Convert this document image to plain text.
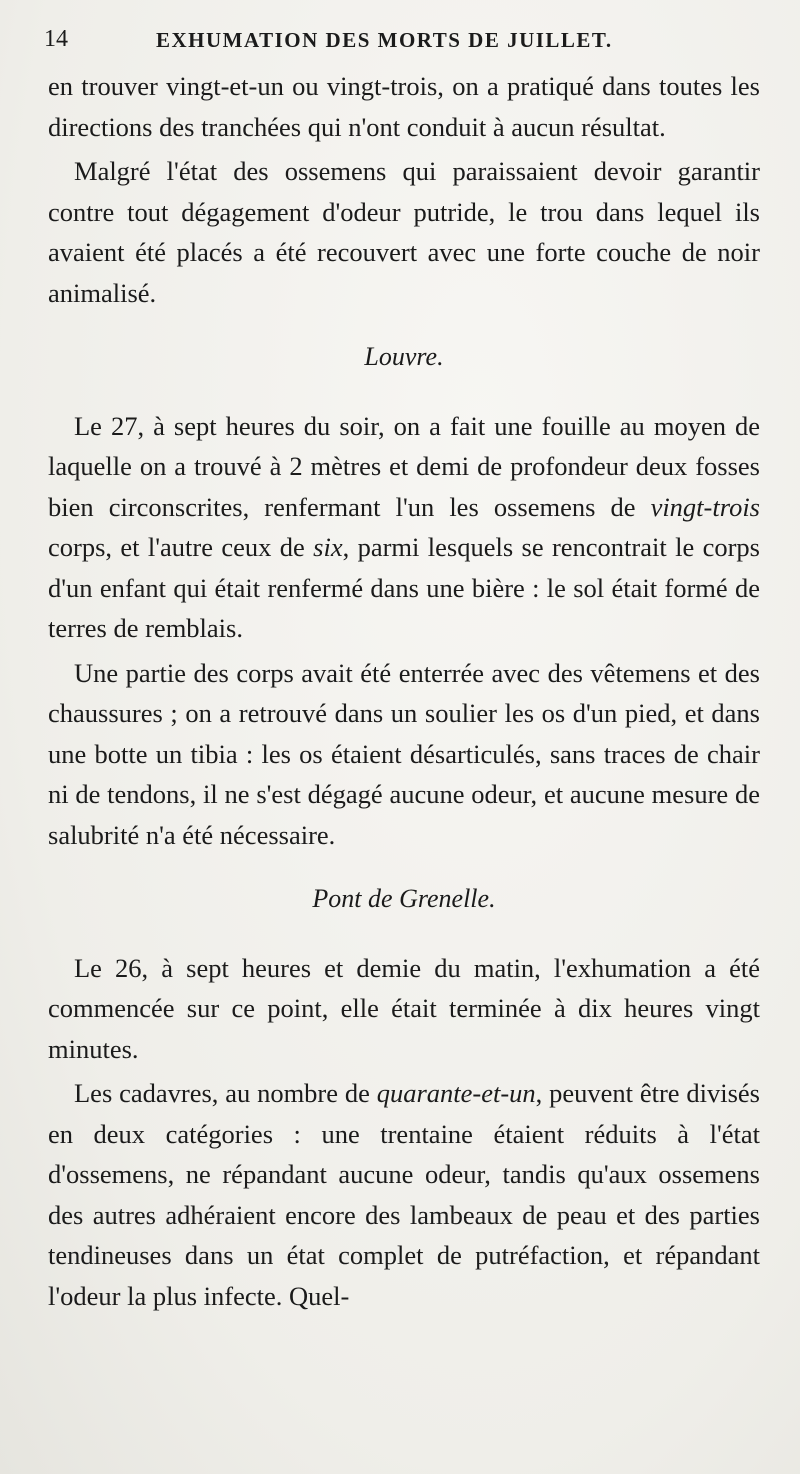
14	EXHUMATION DES MORTS DE JUILLET.

en trouver vingt-et-un ou vingt-trois, on a pratiqué dans toutes les directions des tranchées qui n'ont conduit à aucun résultat.

Malgré l'état des ossemens qui paraissaient devoir garantir contre tout dégagement d'odeur putride, le trou dans lequel ils avaient été placés a été recouvert avec une forte couche de noir animalisé.

Louvre.

Le 27, à sept heures du soir, on a fait une fouille au moyen de laquelle on a trouvé à 2 mètres et demi de profondeur deux fosses bien circonscrites, renfermant l'un les ossemens de vingt-trois corps, et l'autre ceux de six, parmi lesquels se rencontrait le corps d'un enfant qui était renfermé dans une bière : le sol était formé de terres de remblais.

Une partie des corps avait été enterrée avec des vêtemens et des chaussures ; on a retrouvé dans un soulier les os d'un pied, et dans une botte un tibia : les os étaient désarticulés, sans traces de chair ni de tendons, il ne s'est dégagé aucune odeur, et aucune mesure de salubrité n'a été nécessaire.

Pont de Grenelle.

Le 26, à sept heures et demie du matin, l'exhumation a été commencée sur ce point, elle était terminée à dix heures vingt minutes.

Les cadavres, au nombre de quarante-et-un, peuvent être divisés en deux catégories : une trentaine étaient réduits à l'état d'ossemens, ne répandant aucune odeur, tandis qu'aux ossemens des autres adhéraient encore des lambeaux de peau et des parties tendineuses dans un état complet de putréfaction, et répandant l'odeur la plus infecte. Quel-
